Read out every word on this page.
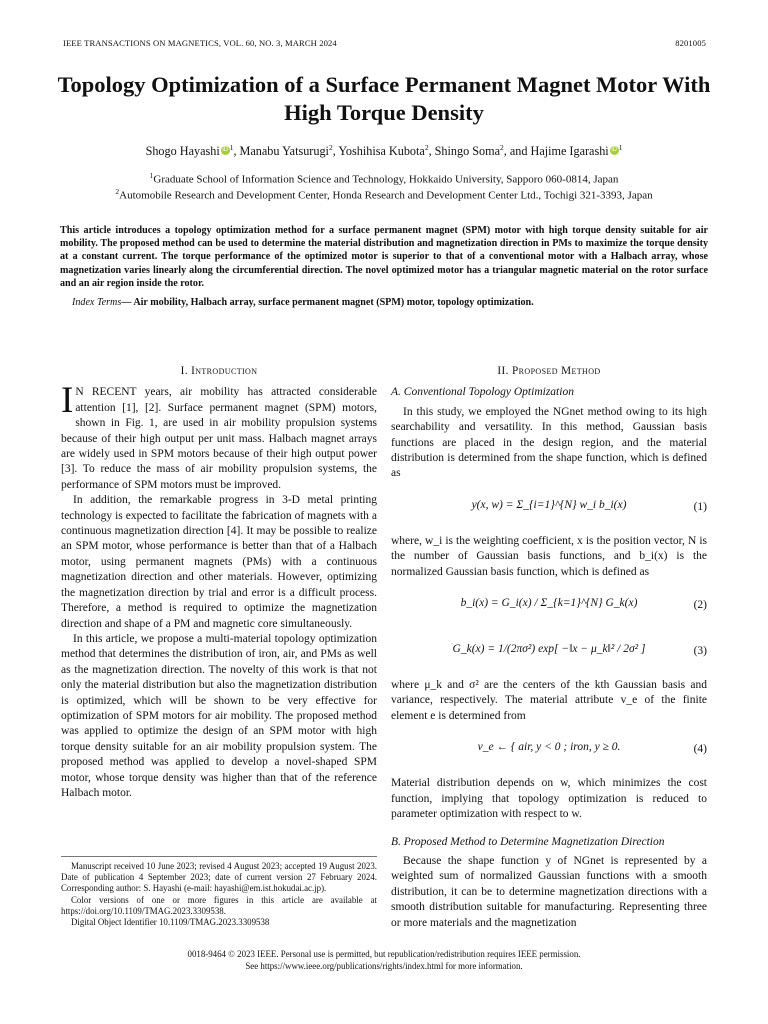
IEEE TRANSACTIONS ON MAGNETICS, VOL. 60, NO. 3, MARCH 2024	8201005
Topology Optimization of a Surface Permanent Magnet Motor With High Torque Density
Shogo Hayashi iD $^1$, Manabu Yatsurugi$^2$, Yoshihisa Kubota$^2$, Shingo Soma$^2$, and Hajime Igarashi iD $^1$
$^1$Graduate School of Information Science and Technology, Hokkaido University, Sapporo 060-0814, Japan
$^2$Automobile Research and Development Center, Honda Research and Development Center Ltd., Tochigi 321-3393, Japan
This article introduces a topology optimization method for a surface permanent magnet (SPM) motor with high torque density suitable for air mobility. The proposed method can be used to determine the material distribution and magnetization direction in PMs to maximize the torque density at a constant current. The torque performance of the optimized motor is superior to that of a conventional motor with a Halbach array, whose magnetization varies linearly along the circumferential direction. The novel optimized motor has a triangular magnetic material on the rotor surface and an air region inside the rotor.
Index Terms— Air mobility, Halbach array, surface permanent magnet (SPM) motor, topology optimization.
I. Introduction

I N RECENT years, air mobility has attracted considerable attention [1], [2]. Surface permanent magnet (SPM) motors, shown in Fig. 1, are used in air mobility propulsion systems because of their high output per unit mass. Halbach magnet arrays are widely used in SPM motors because of their high output power [3]. To reduce the mass of air mobility propulsion systems, the performance of SPM motors must be improved.

In addition, the remarkable progress in 3-D metal printing technology is expected to facilitate the fabrication of magnets with a continuous magnetization direction [4]. It may be possible to realize an SPM motor, whose performance is better than that of a Halbach motor, using permanent magnets (PMs) with a continuous magnetization direction and other materials. However, optimizing the magnetization direction by trial and error is a difficult process. Therefore, a method is required to optimize the magnetization direction and shape of a PM and magnetic core simultaneously.

In this article, we propose a multi-material topology optimization method that determines the distribution of iron, air, and PMs as well as the magnetization direction. The novelty of this work is that not only the material distribution but also the magnetization distribution is optimized, which will be shown to be very effective for optimization of SPM motors for air mobility. The proposed method was applied to optimize the design of an SPM motor with high torque density suitable for an air mobility propulsion system. The proposed method was applied to develop a novel-shaped SPM motor, whose torque density was higher than that of the reference Halbach motor.

Manuscript received 10 June 2023; revised 4 August 2023; accepted 19 August 2023. Date of publication 4 September 2023; date of current version 27 February 2024. Corresponding author: S. Hayashi (e-mail: hayashi@em.ist.hokudai.ac.jp).
Color versions of one or more figures in this article are available at https://doi.org/10.1109/TMAG.2023.3309538.
Digital Object Identifier 10.1109/TMAG.2023.3309538
II. Proposed Method
A. Conventional Topology Optimization

In this study, we employed the NGnet method owing to its high searchability and versatility. In this method, Gaussian basis functions are placed in the design region, and the material distribution is determined from the shape function, which is defined as

y(x, w) = Σ_{i=1}^{N} w_i b_i(x)	(1)

where, w_i is the weighting coefficient, x is the position vector, N is the number of Gaussian basis functions, and b_i(x) is the normalized Gaussian basis function, which is defined as

b_i(x) = G_i(x) / Σ_{k=1}^{N} G_k(x)	(2)
G_k(x) = 1/(2πσ²) exp[ −‖x − μ_k‖² / 2σ² ]	(3)

where μ_k and σ² are the centers of the kth Gaussian basis and variance, respectively. The material attribute v_e of the finite element e is determined from

v_e ← { air, y < 0 ; iron, y ≥ 0.	(4)

Material distribution depends on w, which minimizes the cost function, implying that topology optimization is reduced to parameter optimization with respect to w.

B. Proposed Method to Determine Magnetization Direction

Because the shape function y of NGnet is represented by a weighted sum of normalized Gaussian functions with a smooth distribution, it can be to determine magnetization directions with a smooth distribution suitable for manufacturing. Representing three or more materials and the magnetization

0018-9464 © 2023 IEEE. Personal use is permitted, but republication/redistribution requires IEEE permission.
See https://www.ieee.org/publications/rights/index.html for more information.
